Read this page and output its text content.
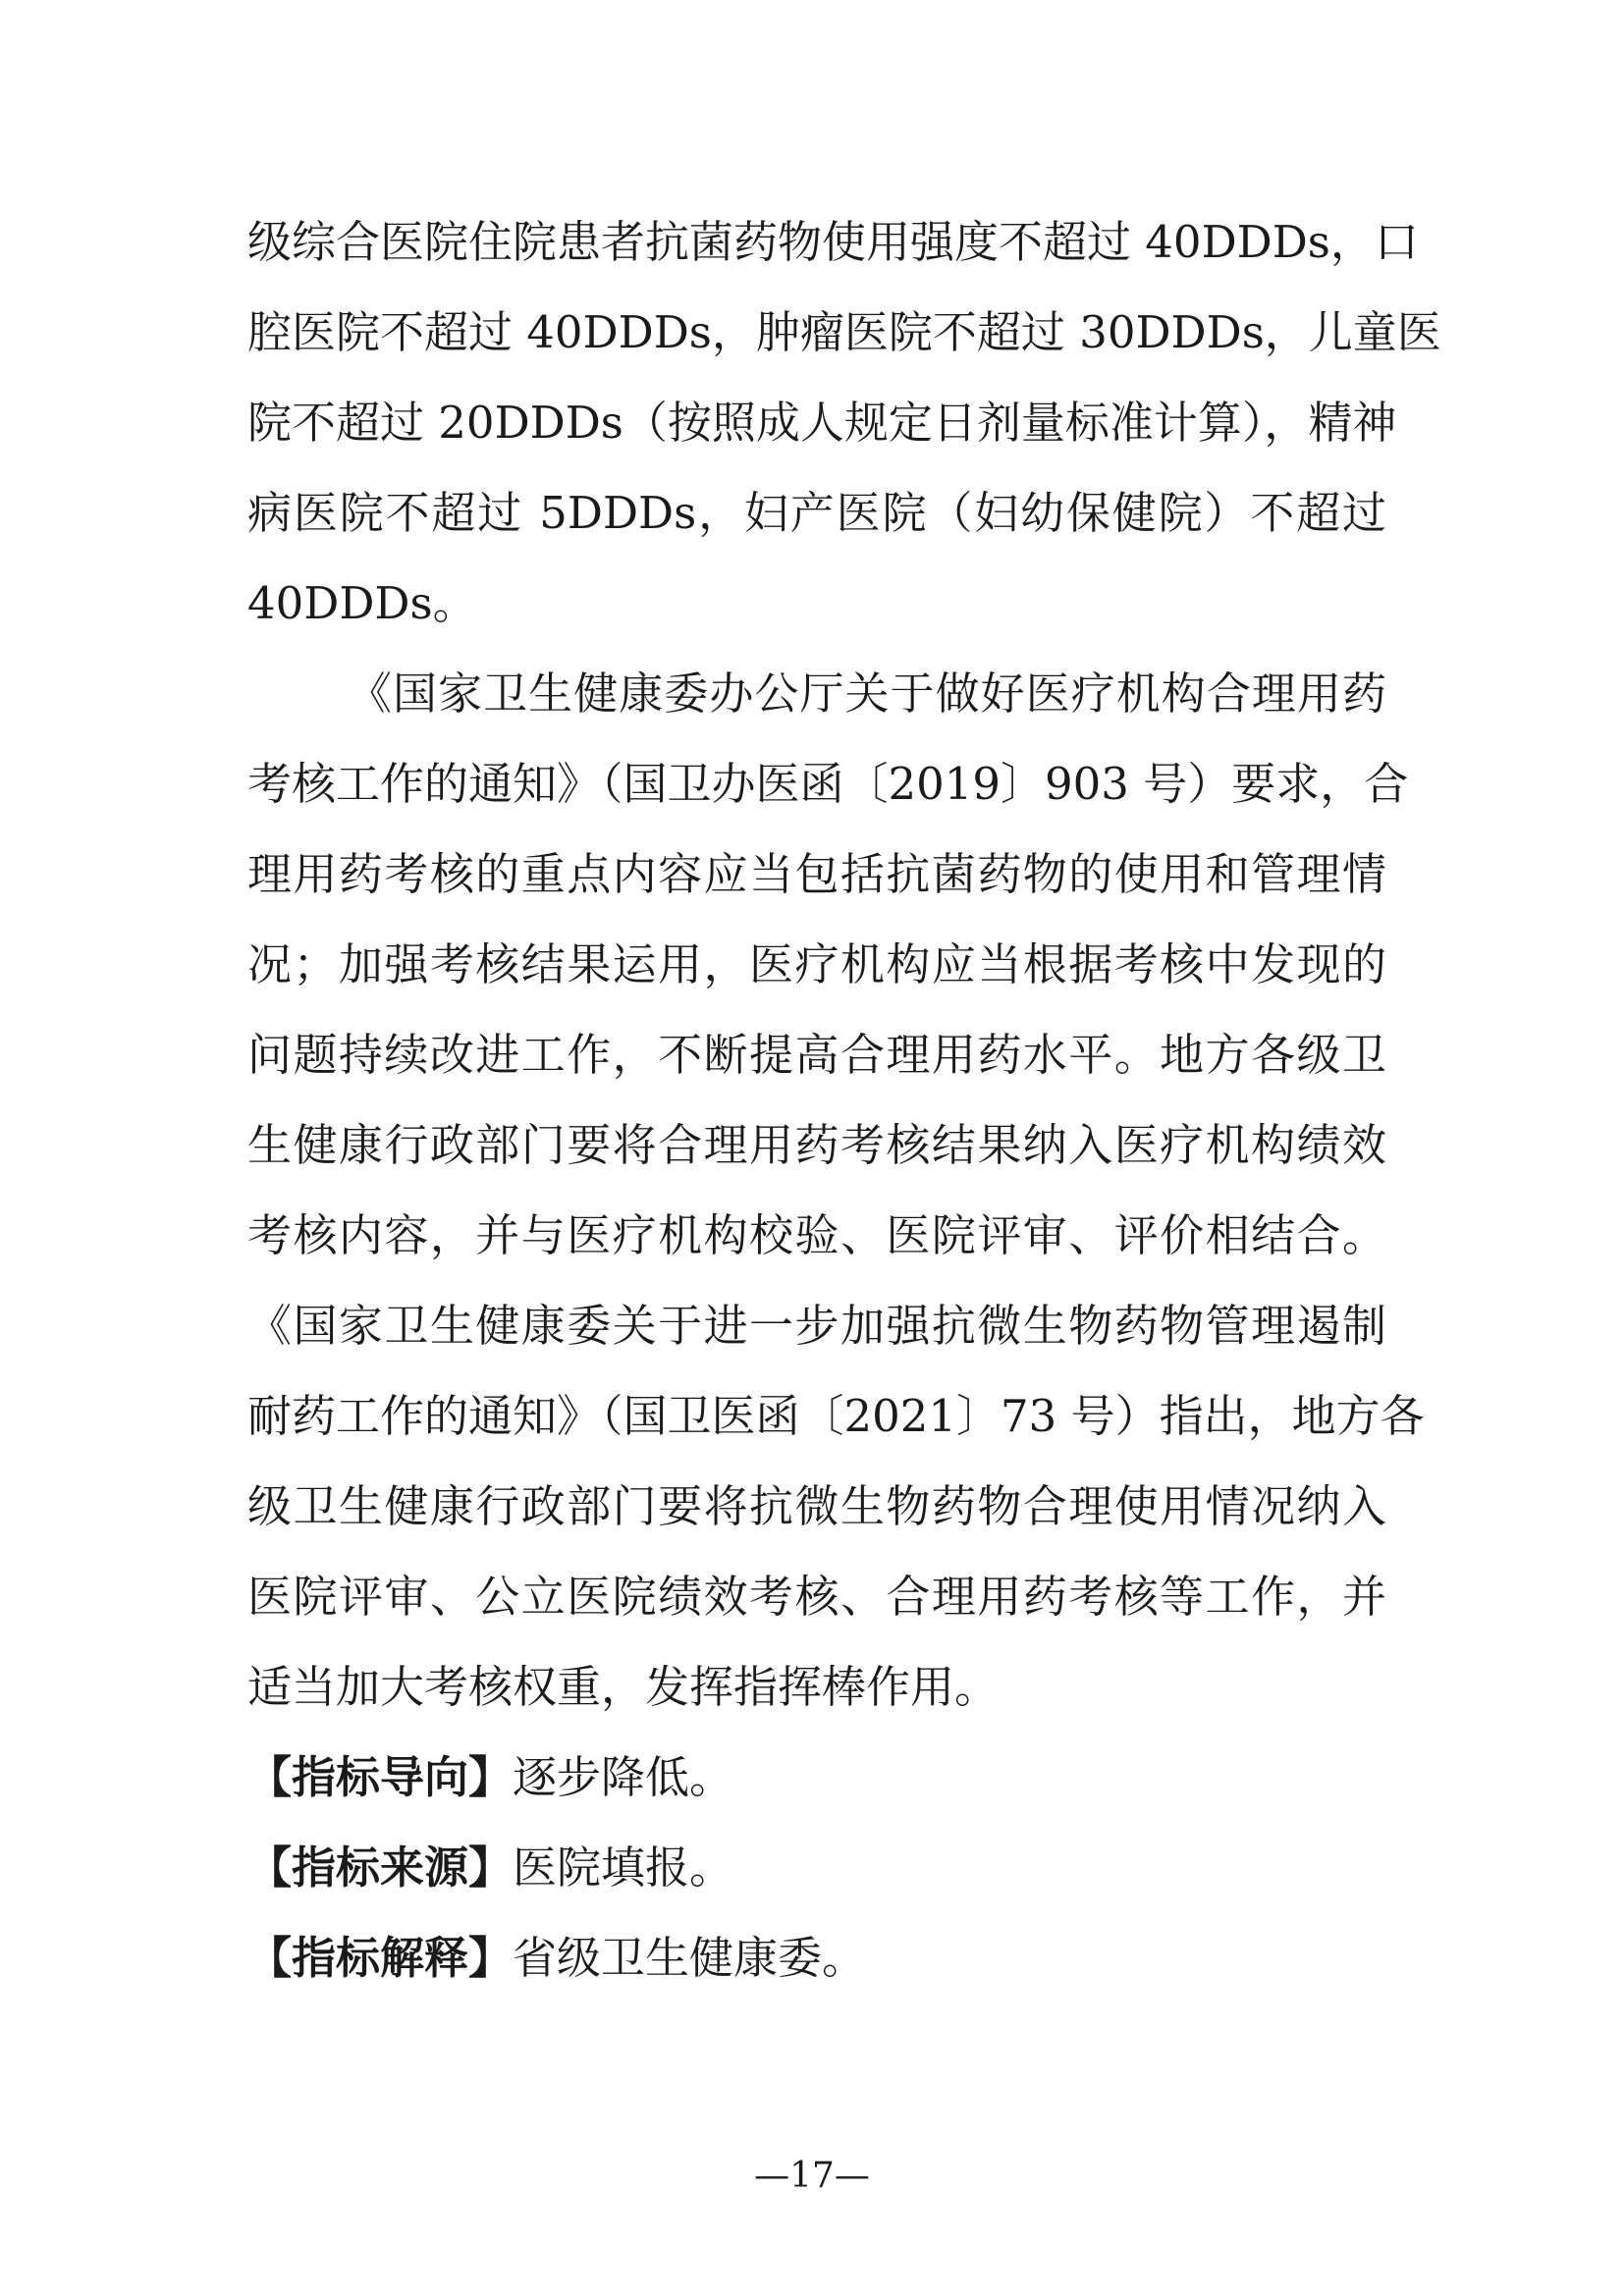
级综合医院住院患者抗菌药物使用强度不超过 40DDDs，口
腔医院不超过 40DDDs，肿瘤医院不超过 30DDDs，儿童医
院不超过 20DDDs（按照成人规定日剂量标准计算），精神
病医院不超过 5DDDs，妇产医院（妇幼保健院）不超过
40DDDs。
《国家卫生健康委办公厅关于做好医疗机构合理用药
考核工作的通知》（国卫办医函〔2019〕903 号）要求，合
理用药考核的重点内容应当包括抗菌药物的使用和管理情
况；加强考核结果运用，医疗机构应当根据考核中发现的
问题持续改进工作，不断提高合理用药水平。地方各级卫
生健康行政部门要将合理用药考核结果纳入医疗机构绩效
考核内容，并与医疗机构校验、医院评审、评价相结合。
《国家卫生健康委关于进一步加强抗微生物药物管理遏制
耐药工作的通知》（国卫医函〔2021〕73 号）指出，地方各
级卫生健康行政部门要将抗微生物药物合理使用情况纳入
医院评审、公立医院绩效考核、合理用药考核等工作，并
适当加大考核权重，发挥指挥棒作用。
【指标导向】逐步降低。
【指标来源】医院填报。
【指标解释】省级卫生健康委。
—17—
